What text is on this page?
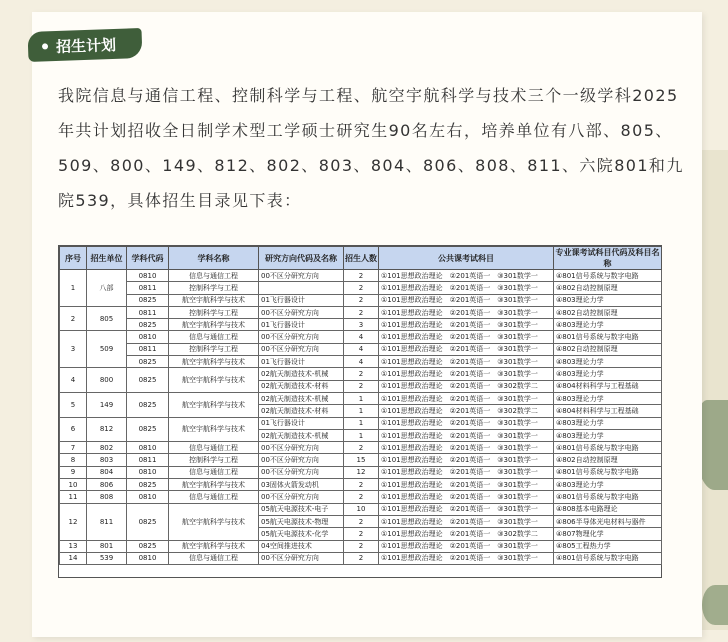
招生计划

我院信息与通信工程、控制科学与工程、航空宇航科学与技术三个一级学科2025年共计划招收全日制学术型工学硕士研究生90名左右，培养单位有八部、805、509、800、149、812、802、803、804、806、808、811、六院801和九院539，具体招生目录见下表：

序号	招生单位	学科代码	学科名称	研究方向代码及名称	招生人数	公共课考试科目	专业课考试科目代码及科目名称
1	八部	0810	信息与通信工程	00不区分研究方向	2	①101思想政治理论　②201英语一　③301数学一	④801信号系统与数字电路
		0811	控制科学与工程		2	①101思想政治理论　②201英语一　③301数学一	④802自动控制原理
		0825	航空宇航科学与技术	01飞行器设计	2	①101思想政治理论　②201英语一　③301数学一	④803理论力学
2	805	0811	控制科学与工程	00不区分研究方向	2	①101思想政治理论　②201英语一　③301数学一	④802自动控制原理
		0825	航空宇航科学与技术	01飞行器设计	3	①101思想政治理论　②201英语一　③301数学一	④803理论力学
3	509	0810	信息与通信工程	00不区分研究方向	4	①101思想政治理论　②201英语一　③301数学一	④801信号系统与数字电路
		0811	控制科学与工程	00不区分研究方向	4	①101思想政治理论　②201英语一　③301数学一	④802自动控制原理
		0825	航空宇航科学与技术	01飞行器设计	4	①101思想政治理论　②201英语一　③301数学一	④803理论力学
4	800	0825	航空宇航科学与技术	02航天制造技术-机械	2	①101思想政治理论　②201英语一　③301数学一	④803理论力学
				02航天制造技术-材料	2	①101思想政治理论　②201英语一　③302数学二	④804材料科学与工程基础
5	149	0825	航空宇航科学与技术	02航天制造技术-机械	1	①101思想政治理论　②201英语一　③301数学一	④803理论力学
				02航天制造技术-材料	1	①101思想政治理论　②201英语一　③302数学二	④804材料科学与工程基础
6	812	0825	航空宇航科学与技术	01飞行器设计	1	①101思想政治理论　②201英语一　③301数学一	④803理论力学
				02航天制造技术-机械	1	①101思想政治理论　②201英语一　③301数学一	④803理论力学
7	802	0810	信息与通信工程	00不区分研究方向	2	①101思想政治理论　②201英语一　③301数学一	④801信号系统与数字电路
8	803	0811	控制科学与工程	00不区分研究方向	15	①101思想政治理论　②201英语一　③301数学一	④802自动控制原理
9	804	0810	信息与通信工程	00不区分研究方向	12	①101思想政治理论　②201英语一　③301数学一	④801信号系统与数字电路
10	806	0825	航空宇航科学与技术	03固体火箭发动机	2	①101思想政治理论　②201英语一　③301数学一	④803理论力学
11	808	0810	信息与通信工程	00不区分研究方向	2	①101思想政治理论　②201英语一　③301数学一	④801信号系统与数字电路
12	811	0825	航空宇航科学与技术	05航天电源技术-电子	10	①101思想政治理论　②201英语一　③301数学一	④808基本电路理论
				05航天电源技术-物理	2	①101思想政治理论　②201英语一　③301数学一	④806半导体光电材料与器件
				05航天电源技术-化学	2	①101思想政治理论　②201英语一　③302数学二	④807物理化学
13	801	0825	航空宇航科学与技术	04空间推进技术	2	①101思想政治理论　②201英语一　③301数学一	④805工程热力学
14	539	0810	信息与通信工程	00不区分研究方向	2	①101思想政治理论　②201英语一　③301数学一	④801信号系统与数字电路
